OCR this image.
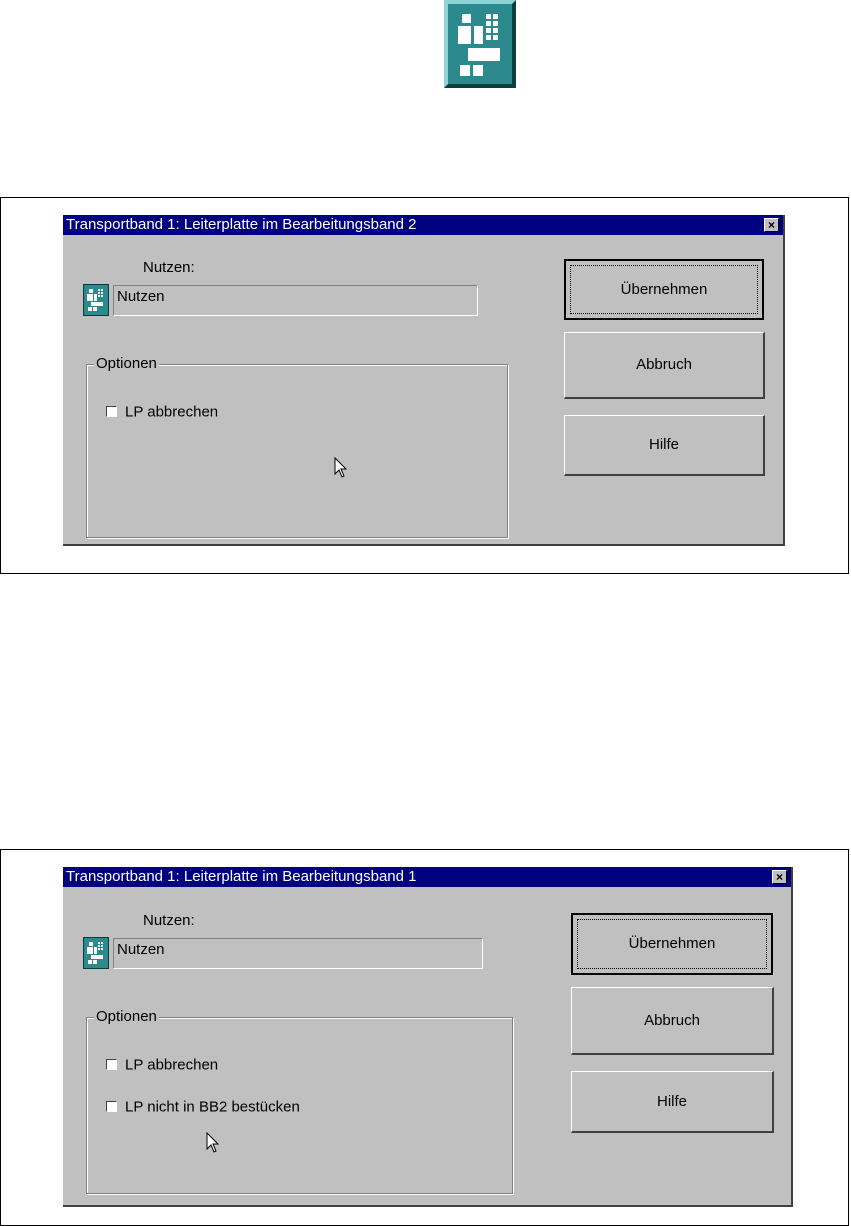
Transportband 1: Leiterplatte im Bearbeitungsband 2	×
Nutzen:
Nutzen
Optionen
LP abbrechen
Übernehmen
Abbruch
Hilfe
Transportband 1: Leiterplatte im Bearbeitungsband 1	×
Nutzen:
Nutzen
Optionen
LP abbrechen
LP nicht in BB2 bestücken
Übernehmen
Abbruch
Hilfe
